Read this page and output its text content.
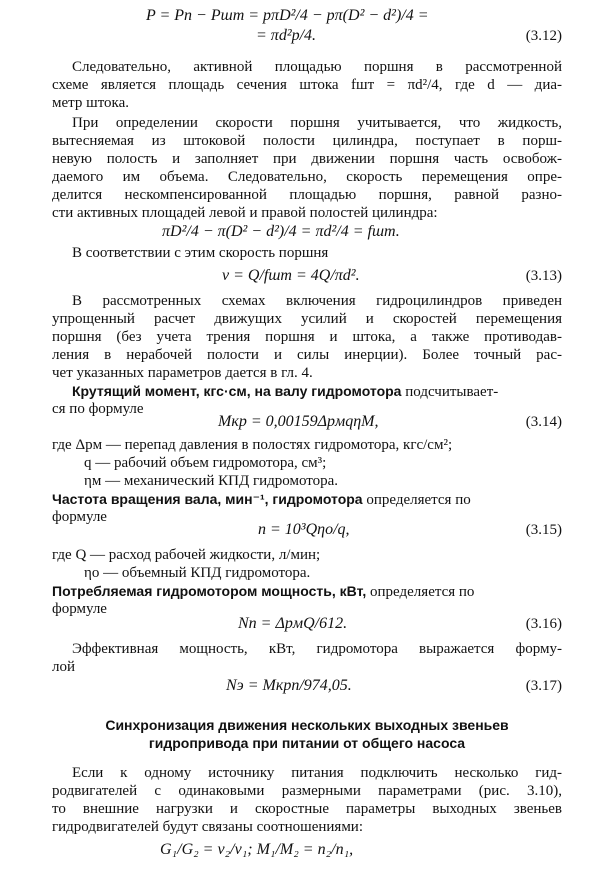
P = Pп − Pшт = pπD²/4 − pπ(D² − d²)/4 =
= πd²p/4.	(3.12)
Следовательно, активной площадью поршня в рассмотренной
схеме является площадь сечения штока fшт = πd²/4, где d — диа-
метр штока.
При определении скорости поршня учитывается, что жидкость,
вытесняемая из штоковой полости цилиндра, поступает в порш-
невую полость и заполняет при движении поршня часть освобож-
даемого им объема. Следовательно, скорость перемещения опре-
делится нескомпенсированной площадью поршня, равной разно-
сти активных площадей левой и правой полостей цилиндра:
πD²/4 − π(D² − d²)/4 = πd²/4 = fшт.
В соответствии с этим скорость поршня
v = Q/fшт = 4Q/πd².	(3.13)
В рассмотренных схемах включения гидроцилиндров приведен
упрощенный расчет движущих усилий и скоростей перемещения
поршня (без учета трения поршня и штока, а также противодав-
ления в нерабочей полости и силы инерции). Более точный рас-
чет указанных параметров дается в гл. 4.
Крутящий момент, кгс·см, на валу гидромотора подсчитывает-
ся по формуле
Mкр = 0,00159ΔpмqηМ,	(3.14)
где Δpм — перепад давления в полостях гидромотора, кгс/см²;
q — рабочий объем гидромотора, см³;
ηм — механический КПД гидромотора.
Частота вращения вала, мин⁻¹, гидромотора определяется по
формуле
n = 10³Qηо/q,	(3.15)
где Q — расход рабочей жидкости, л/мин;
ηо — объемный КПД гидромотора.
Потребляемая гидромотором мощность, кВт, определяется по
формуле
Nп = ΔpмQ/612.	(3.16)
Эффективная мощность, кВт, гидромотора выражается форму-
лой
Nэ = Mкрn/974,05.	(3.17)
Синхронизация движения нескольких выходных звеньев
гидропривода при питании от общего насоса
Если к одному источнику питания подключить несколько гид-
родвигателей с одинаковыми размерными параметрами (рис. 3.10),
то внешние нагрузки и скоростные параметры выходных звеньев
гидродвигателей будут связаны соотношениями:
G₁/G₂ = v₂/v₁; M₁/M₂ = n₂/n₁,
